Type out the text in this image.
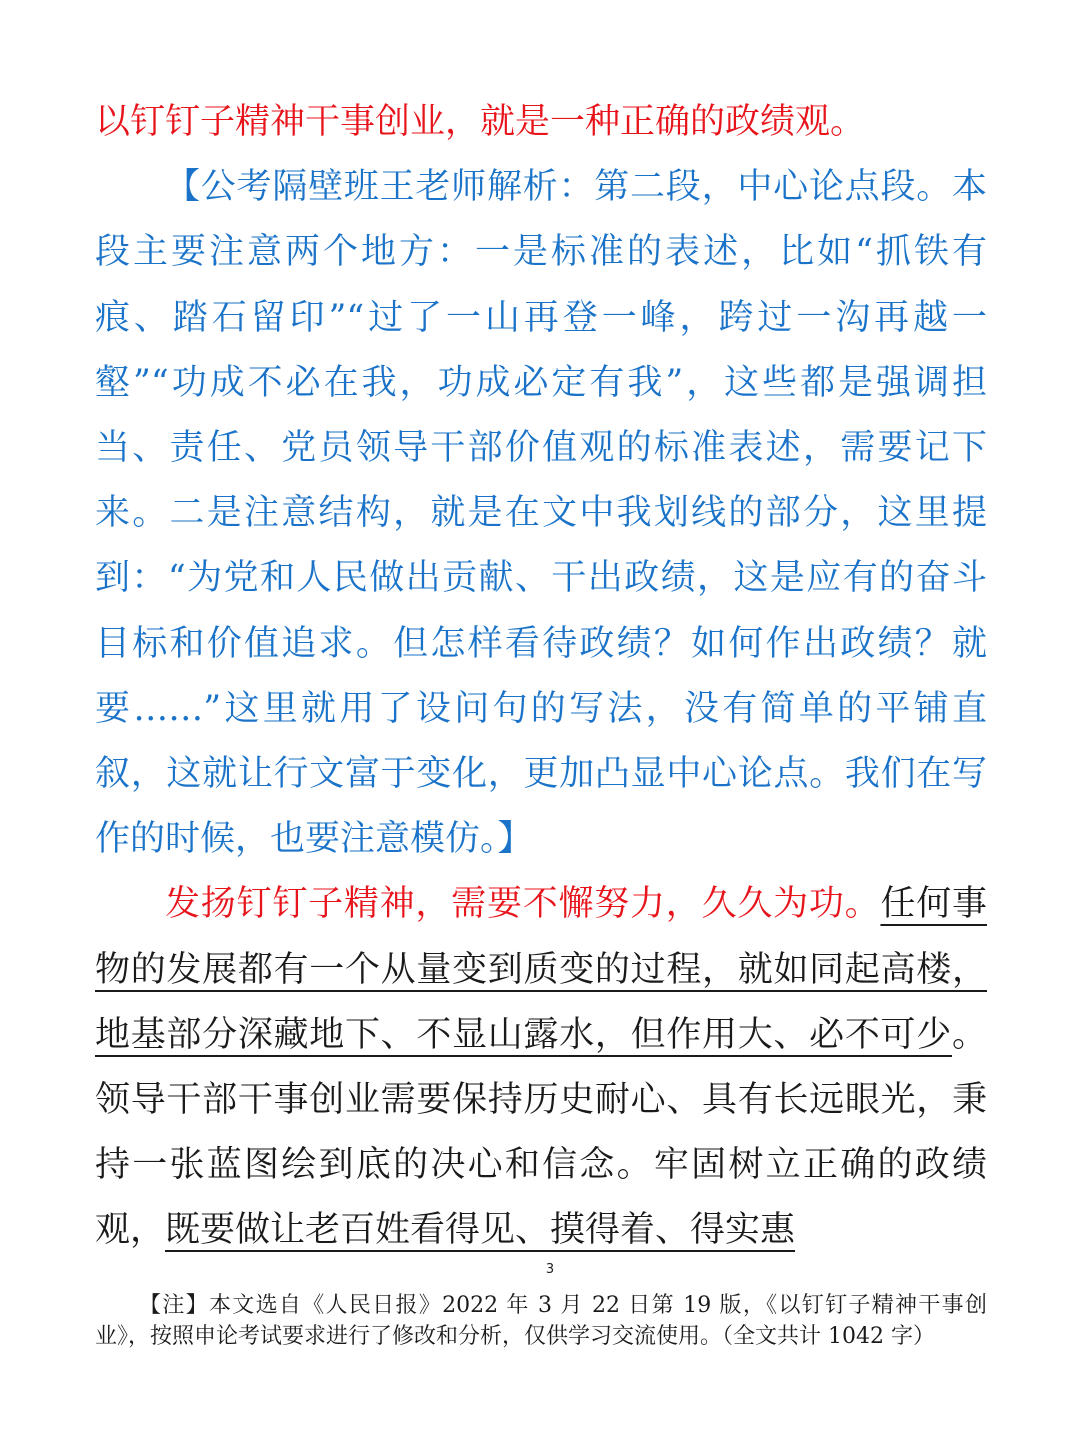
以钉钉子精神干事创业，就是一种正确的政绩观。

【公考隔壁班王老师解析：第二段，中心论点段。本段主要注意两个地方：一是标准的表述，比如“抓铁有痕、踏石留印”“过了一山再登一峰，跨过一沟再越一壑”“功成不必在我，功成必定有我”，这些都是强调担当、责任、党员领导干部价值观的标准表述，需要记下来。二是注意结构，就是在文中我划线的部分，这里提到：“为党和人民做出贡献、干出政绩，这是应有的奋斗目标和价值追求。但怎样看待政绩？如何作出政绩？就要……”这里就用了设问句的写法，没有简单的平铺直叙，这就让行文富于变化，更加凸显中心论点。我们在写作的时候，也要注意模仿。】

发扬钉钉子精神，需要不懈努力，久久为功。任何事物的发展都有一个从量变到质变的过程，就如同起高楼，地基部分深藏地下、不显山露水，但作用大、必不可少。领导干部干事创业需要保持历史耐心、具有长远眼光，秉持一张蓝图绘到底的决心和信念。牢固树立正确的政绩观，既要做让老百姓看得见、摸得着、得实惠

3

【注】本文选自《人民日报》2022 年 3 月 22 日第 19 版，《以钉钉子精神干事创业》，按照申论考试要求进行了修改和分析，仅供学习交流使用。（全文共计 1042 字）
